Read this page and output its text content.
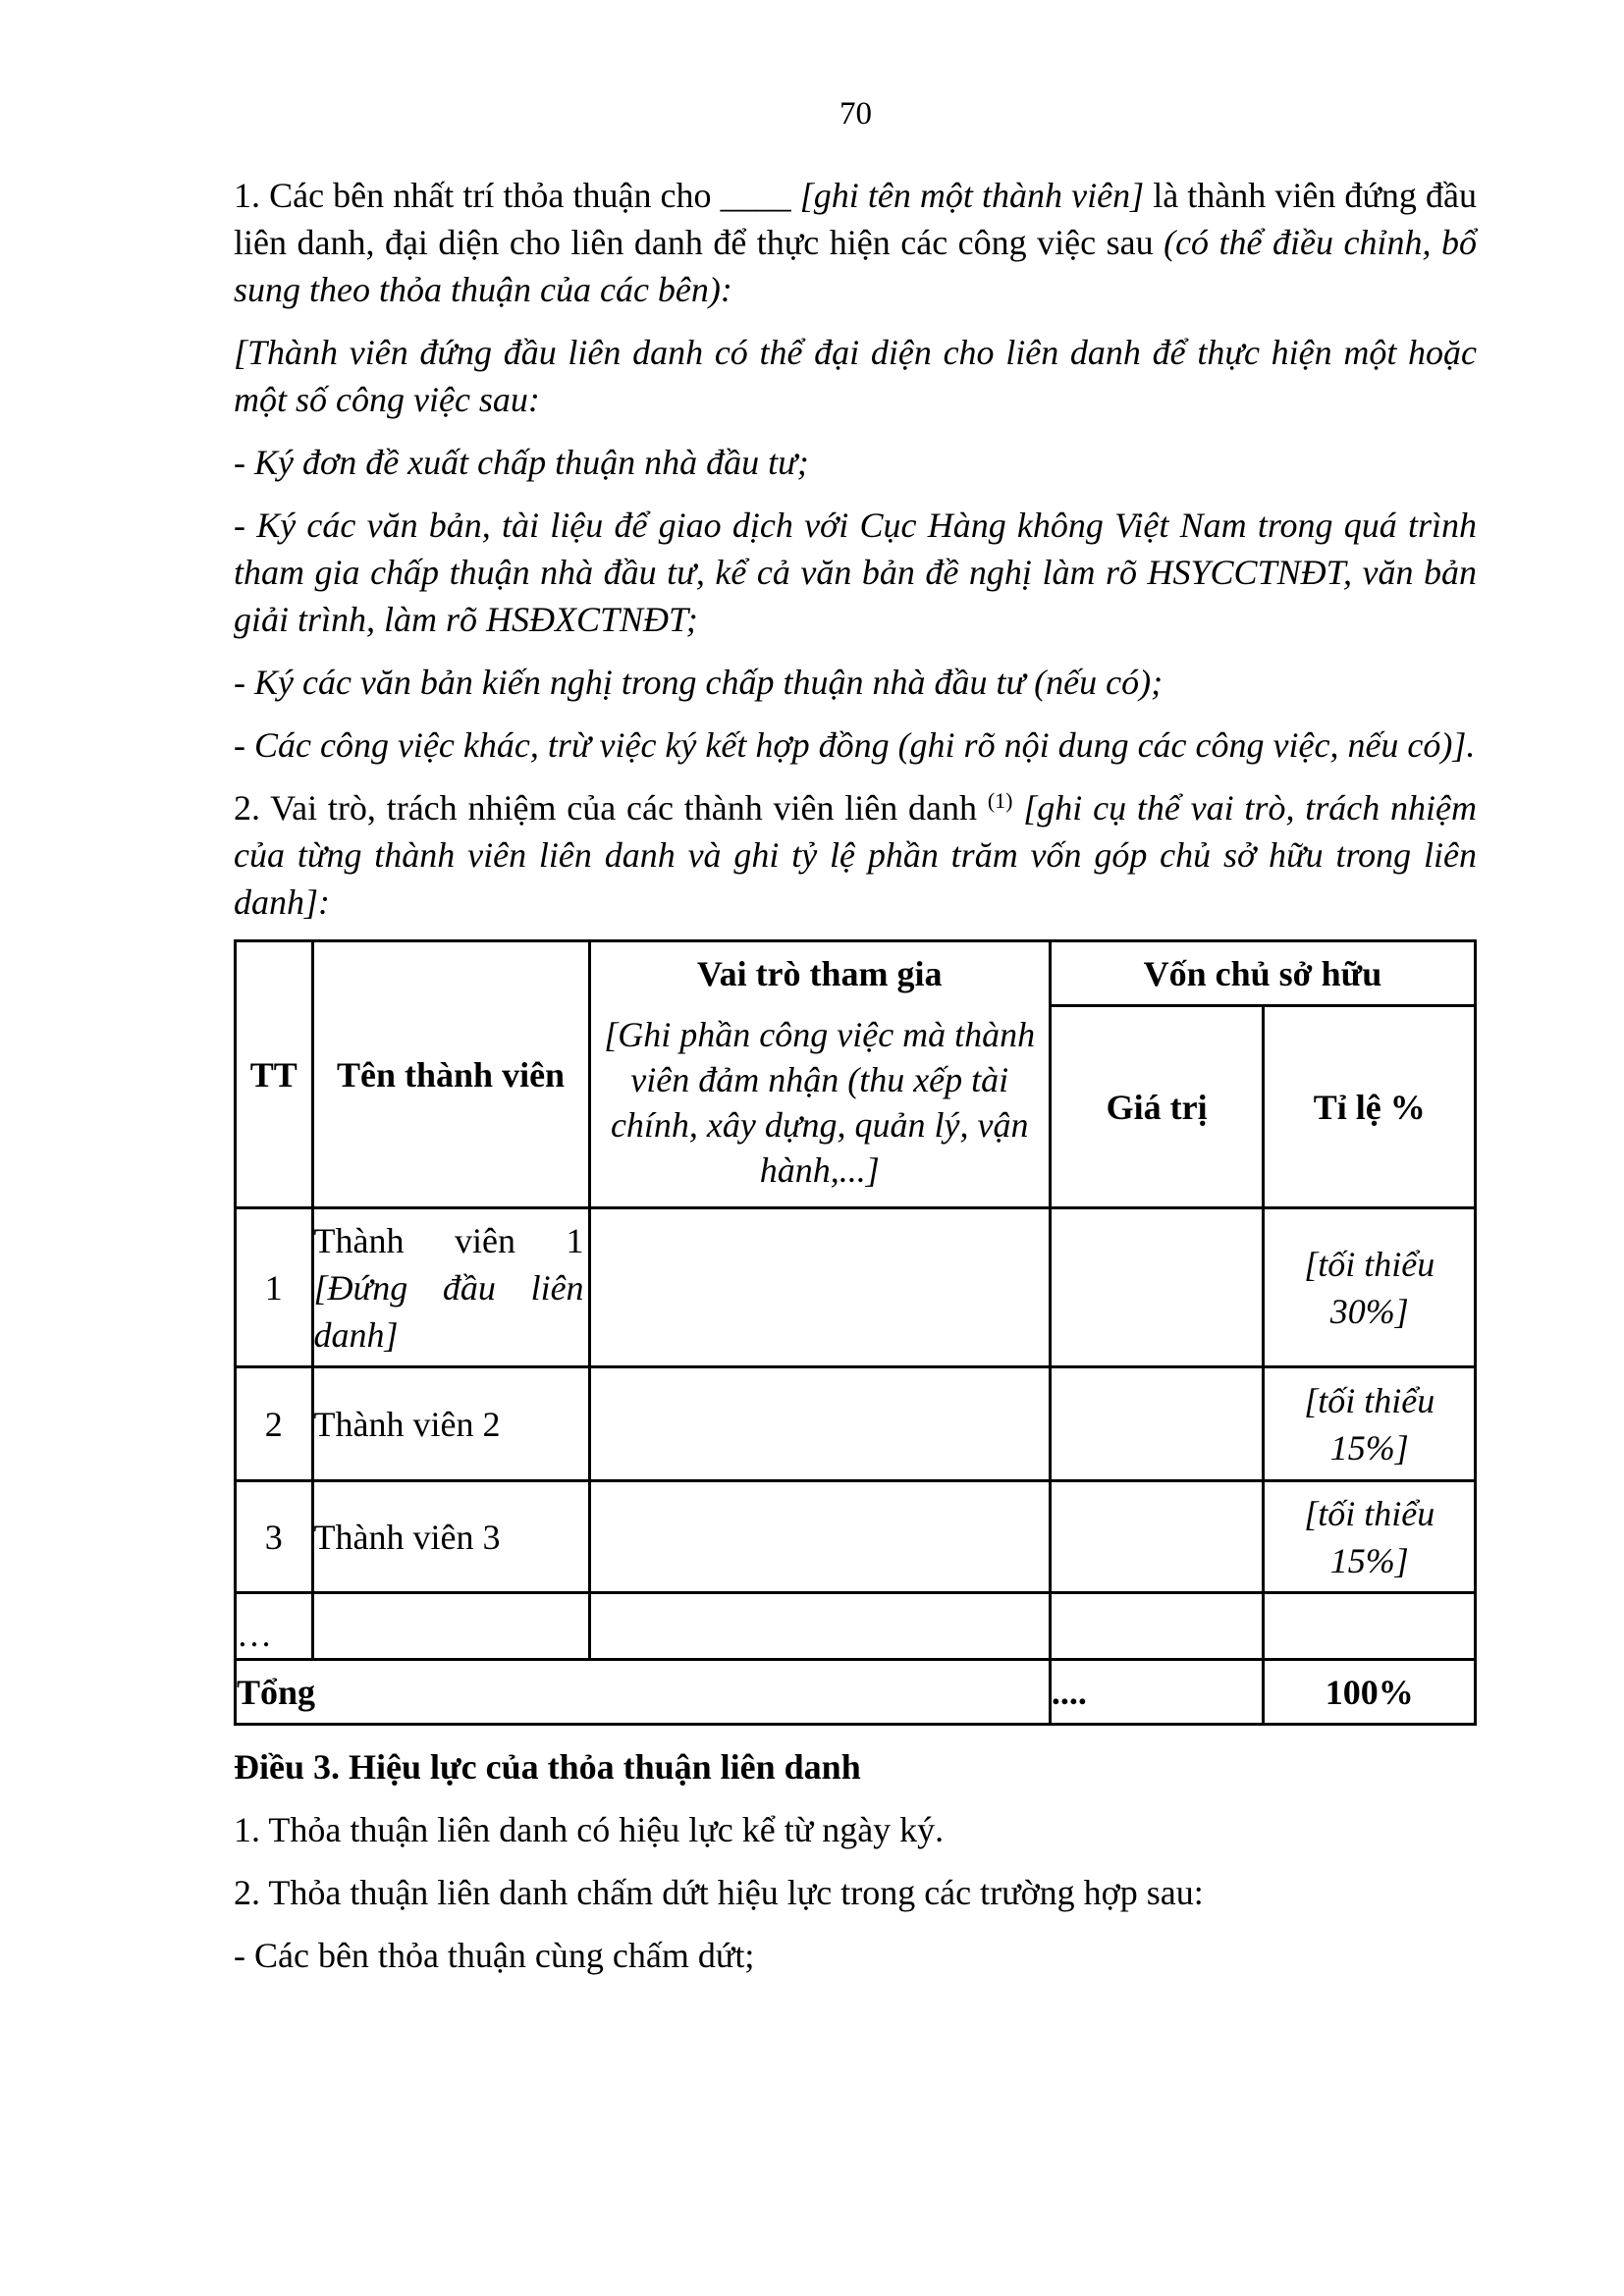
70

1. Các bên nhất trí thỏa thuận cho ____ [ghi tên một thành viên] là thành viên đứng đầu liên danh, đại diện cho liên danh để thực hiện các công việc sau (có thể điều chỉnh, bổ sung theo thỏa thuận của các bên):

[Thành viên đứng đầu liên danh có thể đại diện cho liên danh để thực hiện một hoặc một số công việc sau:

- Ký đơn đề xuất chấp thuận nhà đầu tư;

- Ký các văn bản, tài liệu để giao dịch với Cục Hàng không Việt Nam trong quá trình tham gia chấp thuận nhà đầu tư, kể cả văn bản đề nghị làm rõ HSYCCTNĐT, văn bản giải trình, làm rõ HSĐXCTNĐT;

- Ký các văn bản kiến nghị trong chấp thuận nhà đầu tư (nếu có);

- Các công việc khác, trừ việc ký kết hợp đồng (ghi rõ nội dung các công việc, nếu có)].

2. Vai trò, trách nhiệm của các thành viên liên danh $^{(1)}$ [ghi cụ thể vai trò, trách nhiệm của từng thành viên liên danh và ghi tỷ lệ phần trăm vốn góp chủ sở hữu trong liên danh]:

TT	Tên thành viên	Vai trò tham gia	Vốn chủ sở hữu	
		[Ghi phần công việc mà thành viên đảm nhận (thu xếp tài chính, xây dựng, quản lý, vận hành,...]	Giá trị	Tỉ lệ %
1	Thành viên 1 [Đứng đầu liên danh]			[tối thiểu 30%]
2	Thành viên 2			[tối thiểu 15%]
3	Thành viên 3			[tối thiểu 15%]
…				
Tổng			....	100%

Điều 3. Hiệu lực của thỏa thuận liên danh

1. Thỏa thuận liên danh có hiệu lực kể từ ngày ký.

2. Thỏa thuận liên danh chấm dứt hiệu lực trong các trường hợp sau:

- Các bên thỏa thuận cùng chấm dứt;
